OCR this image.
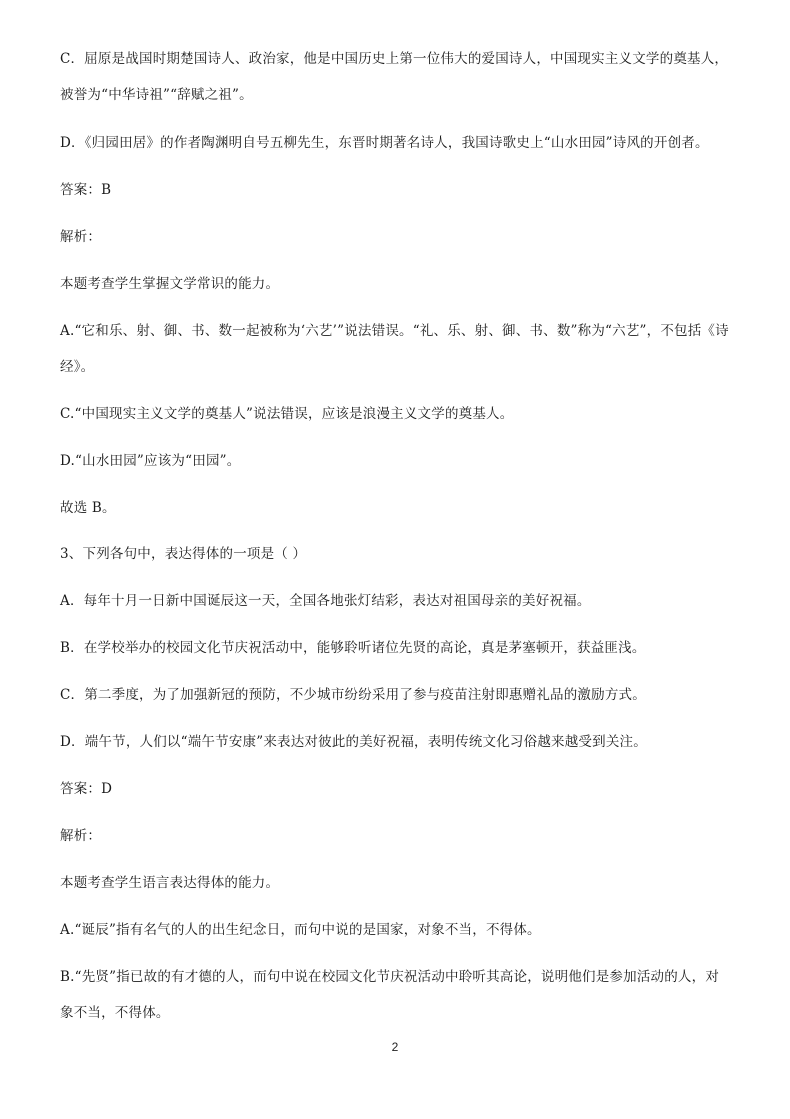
C．屈原是战国时期楚国诗人、政治家，他是中国历史上第一位伟大的爱国诗人，中国现实主义文学的奠基人，
被誉为“中华诗祖”“辞赋之祖”。
D．《归园田居》的作者陶渊明自号五柳先生，东晋时期著名诗人，我国诗歌史上“山水田园”诗风的开创者。
答案：B
解析：
本题考查学生掌握文学常识的能力。
A.“它和乐、射、御、书、数一起被称为‘六艺’”说法错误。“礼、乐、射、御、书、数”称为“六艺”，不包括《诗
经》。
C.“中国现实主义文学的奠基人”说法错误，应该是浪漫主义文学的奠基人。
D.“山水田园”应该为“田园”。
故选 B。
3、下列各句中，表达得体的一项是（ ）
A．每年十月一日新中国诞辰这一天，全国各地张灯结彩，表达对祖国母亲的美好祝福。
B．在学校举办的校园文化节庆祝活动中，能够聆听诸位先贤的高论，真是茅塞顿开，获益匪浅。
C．第二季度，为了加强新冠的预防，不少城市纷纷采用了参与疫苗注射即惠赠礼品的激励方式。
D．端午节，人们以“端午节安康”来表达对彼此的美好祝福，表明传统文化习俗越来越受到关注。
答案：D
解析：
本题考查学生语言表达得体的能力。
A.“诞辰”指有名气的人的出生纪念日，而句中说的是国家，对象不当，不得体。
B.“先贤”指已故的有才德的人，而句中说在校园文化节庆祝活动中聆听其高论，说明他们是参加活动的人，对
象不当，不得体。
2
